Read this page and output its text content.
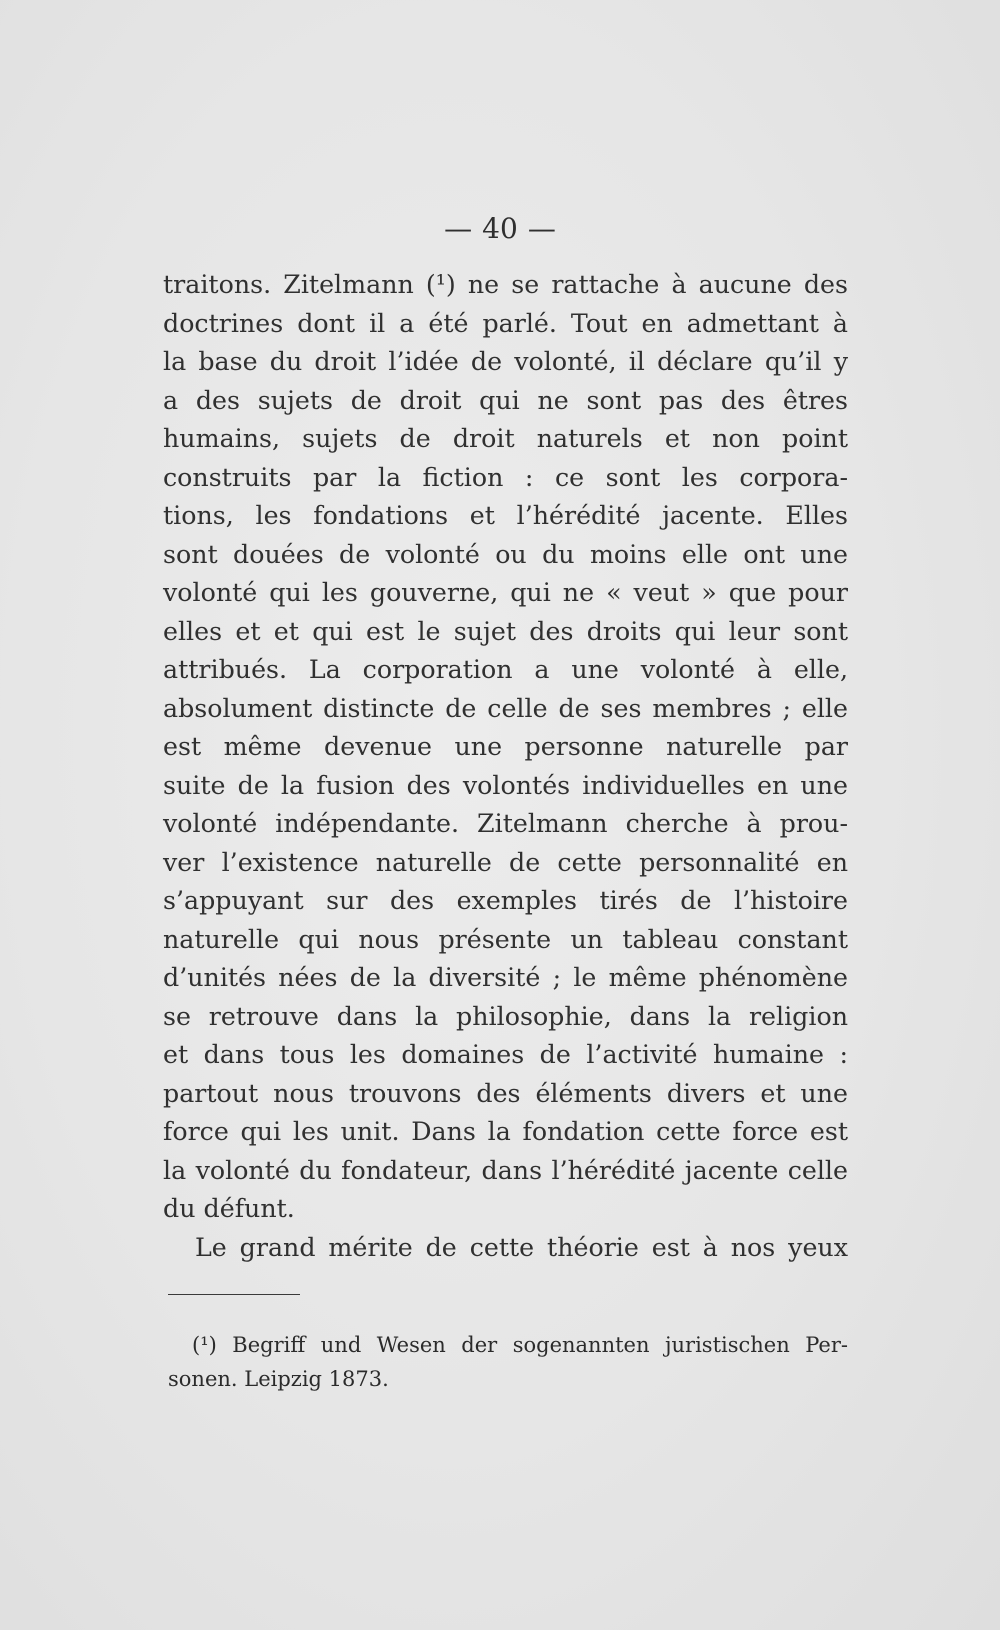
— 40 —
traitons. Zitelmann (¹) ne se rattache à aucune des
doctrines dont il a été parlé. Tout en admettant à
la base du droit l’idée de volonté, il déclare qu’il y
a des sujets de droit qui ne sont pas des êtres
humains, sujets de droit naturels et non point
construits par la fiction : ce sont les corpora-
tions, les fondations et l’hérédité jacente. Elles
sont douées de volonté ou du moins elle ont une
volonté qui les gouverne, qui ne « veut » que pour
elles et et qui est le sujet des droits qui leur sont
attribués. La corporation a une volonté à elle,
absolument distincte de celle de ses membres ; elle
est même devenue une personne naturelle par
suite de la fusion des volontés individuelles en une
volonté indépendante. Zitelmann cherche à prou-
ver l’existence naturelle de cette personnalité en
s’appuyant sur des exemples tirés de l’histoire
naturelle qui nous présente un tableau constant
d’unités nées de la diversité ; le même phénomène
se retrouve dans la philosophie, dans la religion
et dans tous les domaines de l’activité humaine :
partout nous trouvons des éléments divers et une
force qui les unit. Dans la fondation cette force est
la volonté du fondateur, dans l’hérédité jacente celle
du défunt.
Le grand mérite de cette théorie est à nos yeux
(¹) Begriff und Wesen der sogenannten juristischen Per-
sonen. Leipzig 1873.
